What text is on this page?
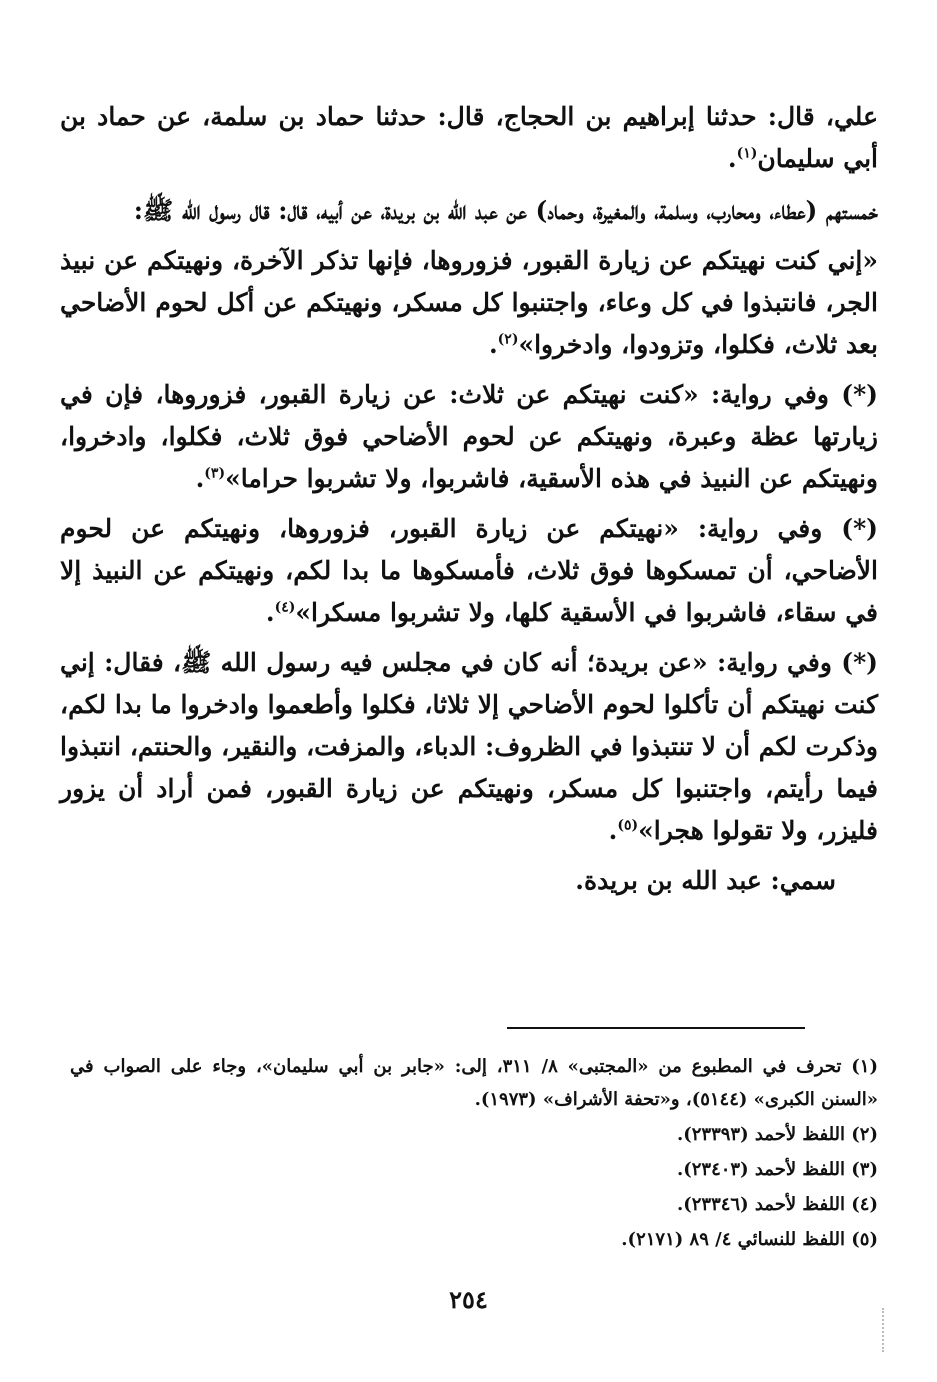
علي، قال: حدثنا إبراهيم بن الحجاج، قال: حدثنا حماد بن سلمة، عن حماد بن أبي سليمان$^{(١)}$.

خمستهم (عطاء، ومحارب، وسلمة، والمغيرة، وحماد) عن عبد الله بن بريدة، عن أبيه، قال: قال رسول الله ﷺ:

«إني كنت نهيتكم عن زيارة القبور، فزوروها، فإنها تذكر الآخرة، ونهيتكم عن نبيذ الجر، فانتبذوا في كل وعاء، واجتنبوا كل مسكر، ونهيتكم عن أكل لحوم الأضاحي بعد ثلاث، فكلوا، وتزودوا، وادخروا»$^{(٢)}$.

(*) وفي رواية: «كنت نهيتكم عن ثلاث: عن زيارة القبور، فزوروها، فإن في زيارتها عظة وعبرة، ونهيتكم عن لحوم الأضاحي فوق ثلاث، فكلوا، وادخروا، ونهيتكم عن النبيذ في هذه الأسقية، فاشربوا، ولا تشربوا حراما»$^{(٣)}$.

(*) وفي رواية: «نهيتكم عن زيارة القبور، فزوروها، ونهيتكم عن لحوم الأضاحي، أن تمسكوها فوق ثلاث، فأمسكوها ما بدا لكم، ونهيتكم عن النبيذ إلا في سقاء، فاشربوا في الأسقية كلها، ولا تشربوا مسكرا»$^{(٤)}$.

(*) وفي رواية: «عن بريدة؛ أنه كان في مجلس فيه رسول الله ﷺ، فقال: إني كنت نهيتكم أن تأكلوا لحوم الأضاحي إلا ثلاثا، فكلوا وأطعموا وادخروا ما بدا لكم، وذكرت لكم أن لا تنتبذوا في الظروف: الدباء، والمزفت، والنقير، والحنتم، انتبذوا فيما رأيتم، واجتنبوا كل مسكر، ونهيتكم عن زيارة القبور، فمن أراد أن يزور فليزر، ولا تقولوا هجرا»$^{(٥)}$.

سمي: عبد الله بن بريدة.

(١) تحرف في المطبوع من «المجتبى» ٨/ ٣١١، إلى: «جابر بن أبي سليمان»، وجاء على الصواب في «السنن الكبرى» (٥١٤٤)، و«تحفة الأشراف» (١٩٧٣).

(٢) اللفظ لأحمد (٢٣٣٩٣).

(٣) اللفظ لأحمد (٢٣٤٠٣).

(٤) اللفظ لأحمد (٢٣٣٤٦).

(٥) اللفظ للنسائي ٤/ ٨٩ (٢١٧١).

٢٥٤
